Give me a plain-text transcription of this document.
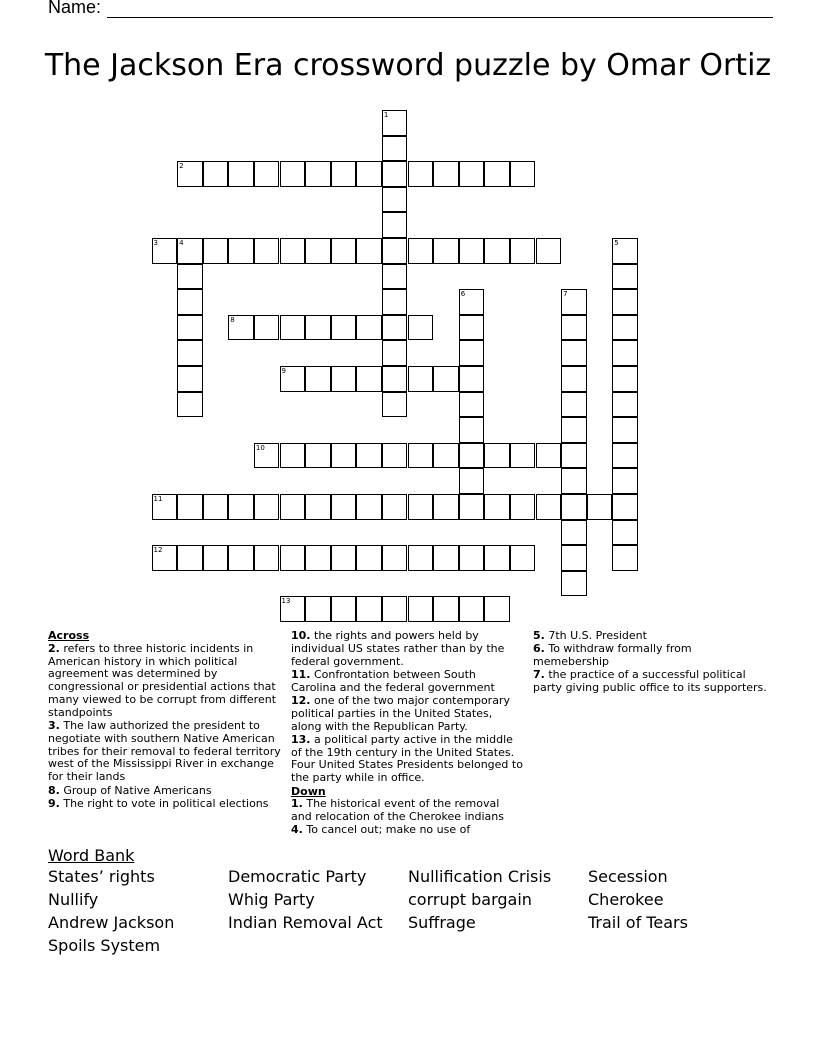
Name:
The Jackson Era crossword puzzle by Omar Ortiz
1
2
3	4	5
6	7
8
9
10
11
12
13
Across
2. refers to three historic incidents in American history in which political agreement was determined by congressional or presidential actions that many viewed to be corrupt from different standpoints
3. The law authorized the president to negotiate with southern Native American tribes for their removal to federal territory west of the Mississippi River in exchange for their lands
8. Group of Native Americans
9. The right to vote in political elections
10. the rights and powers held by individual US states rather than by the federal government.
11. Confrontation between South Carolina and the federal government
12. one of the two major contemporary political parties in the United States, along with the Republican Party.
13. a political party active in the middle of the 19th century in the United States. Four United States Presidents belonged to the party while in office.
Down
1. The historical event of the removal and relocation of the Cherokee indians
4. To cancel out; make no use of
5. 7th U.S. President
6. To withdraw formally from memebership
7. the practice of a successful political party giving public office to its supporters.
Word Bank
States’ rights	Democratic Party	Nullification Crisis	Secession
Nullify	Whig Party	corrupt bargain	Cherokee
Andrew Jackson	Indian Removal Act	Suffrage	Trail of Tears
Spoils System
